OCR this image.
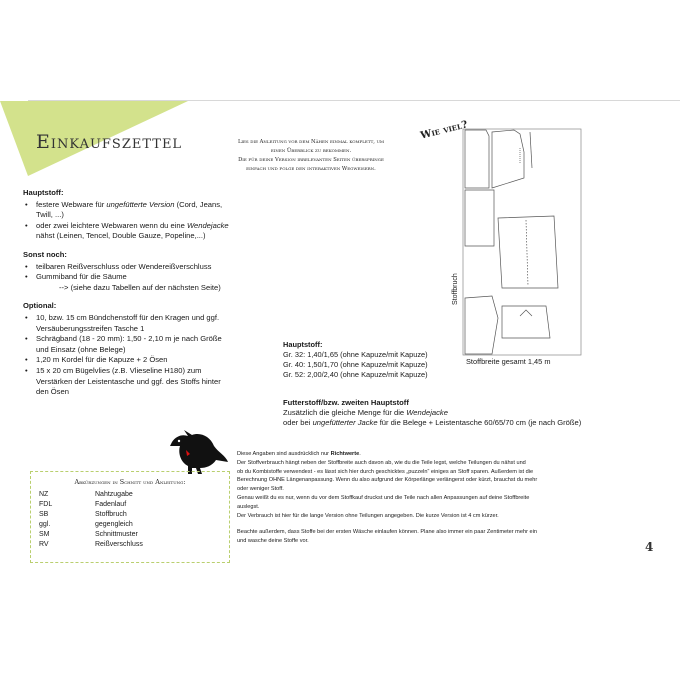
Einkaufszettel	Lies die Anleitung vor dem Nähen einmal komplett, um
einen Überblick zu bekommen.
Die für deine Version irrelevanten Seiten überspringe
einfach und folge den interaktiven Wegweisern.
Wie viel?
Stoffbruch
Stoffbreite gesamt 1,45 m
Hauptstoff:
• festere Webware für ungefütterte Version (Cord, Jeans,
Twill, ...)
• oder zwei leichtere Webwaren wenn du eine Wendejacke
nähst (Leinen, Tencel, Double Gauze, Popeline,...)
Sonst noch:
• teilbaren Reißverschluss oder Wendereißverschluss
• Gummiband für die Säume
--> (siehe dazu Tabellen auf der nächsten Seite)
Optional:
• 10, bzw. 15 cm Bündchenstoff für den Kragen und ggf.
Versäuberungsstreifen Tasche 1
• Schrägband (18 - 20 mm): 1,50 - 2,10 m je nach Größe
und Einsatz (ohne Belege)
• 1,20 m Kordel für die Kapuze + 2 Ösen
• 15 x 20 cm Bügelvlies (z.B. Vlieseline H180) zum
Verstärken der Leistentasche und ggf. des Stoffs hinter
den Ösen
Hauptstoff:
Gr. 32: 1,40/1,65 (ohne Kapuze/mit Kapuze)
Gr. 40: 1,50/1,70 (ohne Kapuze/mit Kapuze)
Gr. 52: 2,00/2,40 (ohne Kapuze/mit Kapuze)
Futterstoff/bzw. zweiten Hauptstoff
Zusätzlich die gleiche Menge für die Wendejacke
oder bei ungefütterter Jacke für die Belege + Leistentasche 60/65/70 cm (je nach Größe)
Abkürzungen in Schnitt und Anleitung:
NZ	Nahtzugabe
FDL	Fadenlauf
SB	Stoffbruch
ggl.	gegengleich
SM	Schnittmuster
RV	Reißverschluss

Diese Angaben sind ausdrücklich nur Richtwerte.

Der Stoffverbrauch hängt neben der Stoffbreite auch davon ab, wie du die Teile legst, welche Teilungen du nähst und

ob du Kombistoffe verwendest - es lässt sich hier durch geschicktes „puzzeln“ einiges an Stoff sparen. Außerdem ist die

Berechnung OHNE Längenanpassung. Wenn du also aufgrund der Körperlänge verlängerst oder kürzt, brauchst du mehr

oder weniger Stoff.

Genau weißt du es nur, wenn du vor dem Stoffkauf druckst und die Teile nach allen Anpassungen auf deine Stoffbreite

auslegst.

Der Verbrauch ist hier für die lange Version ohne Teilungen angegeben. Die kurze Version ist 4 cm kürzer.

Beachte außerdem, dass Stoffe bei der ersten Wäsche einlaufen können. Plane also immer ein paar Zentimeter mehr ein

und wasche deine Stoffe vor.	4
